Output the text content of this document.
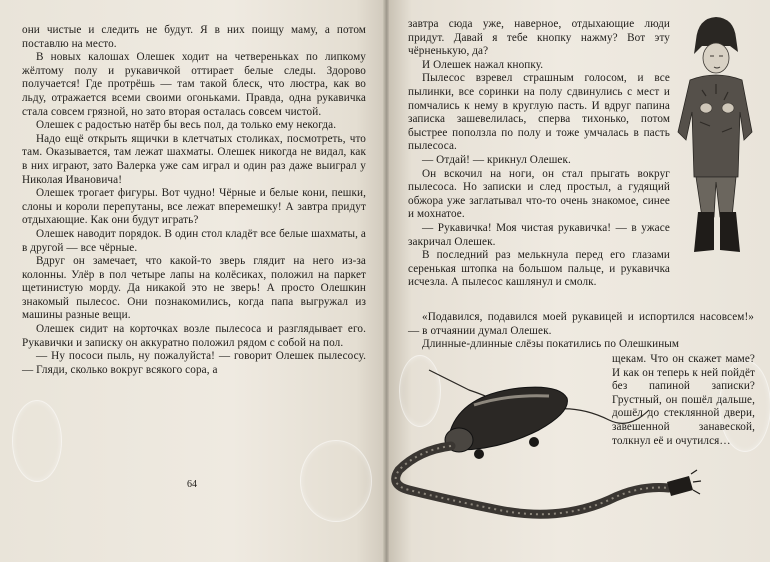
они чистые и следить не будут. Я в них поищу маму, а потом поставлю на место.

В новых калошах Олешек ходит на четвереньках по липкому жёлтому полу и рукавичкой оттирает белые следы. Здорово получается! Где протрёшь — там такой блеск, что люстра, как во льду, отражается всеми своими огоньками. Правда, одна рукавичка стала совсем грязной, но зато вторая осталась совсем чистой.

Олешек с радостью натёр бы весь пол, да только ему некогда.

Надо ещё открыть ящички в клетчатых столиках, посмотреть, что там. Оказывается, там лежат шахматы. Олешек никогда не видал, как в них играют, зато Валерка уже сам играл и один раз даже выиграл у Николая Ивановича!

Олешек трогает фигуры. Вот чудно! Чёрные и белые кони, пешки, слоны и короли перепутаны, все лежат вперемешку! А завтра придут отдыхающие. Как они будут играть?

Олешек наводит порядок. В один стол кладёт все белые шахматы, а в другой — все чёрные.

Вдруг он замечает, что какой-то зверь глядит на него из-за колонны. Улёр в пол четыре лапы на колёсиках, положил на паркет щетинистую морду. Да никакой это не зверь! А просто Олешкин знакомый пылесос. Они познакомились, когда папа выгружал из машины разные вещи.

Олешек сидит на корточках возле пылесоса и разглядывает его. Рукавички и записку он аккуратно положил рядом с собой на пол.

— Ну пососи пыль, ну пожалуйста! — говорит Олешек пылесосу. — Гляди, сколько вокруг всякого сора, а

64

завтра сюда уже, наверное, отдыхающие люди придут. Давай я тебе кнопку нажму? Вот эту чёрненькую, да?

И Олешек нажал кнопку.

Пылесос взревел страшным голосом, и все пылинки, все соринки на полу сдвинулись с мест и помчались к нему в круглую пасть. И вдруг папина записка зашевелилась, сперва тихонько, потом быстрее поползла по полу и тоже умчалась в пасть пылесоса.

— Отдай! — крикнул Олешек.

Он вскочил на ноги, он стал прыгать вокруг пылесоса. Но записки и след простыл, а гудящий обжора уже заглатывал что-то очень знакомое, синее и мохнатое.

— Рукавичка! Моя чистая рукавичка! — в ужасе закричал Олешек.

В последний раз мелькнула перед его глазами серенькая штопка на большом пальце, и рукавичка исчезла. А пылесос кашлянул и смолк.

«Подавился, подавился моей рукавицей и испортился насовсем!» — в отчаянии думал Олешек.

Длинные-длинные слёзы покатились по Олешкиным

щекам. Что он скажет маме? И как он теперь к ней пойдёт без папиной записки? Грустный, он пошёл дальше, дошёл до стеклянной двери, завешенной занавеской, толкнул её и очутился…
